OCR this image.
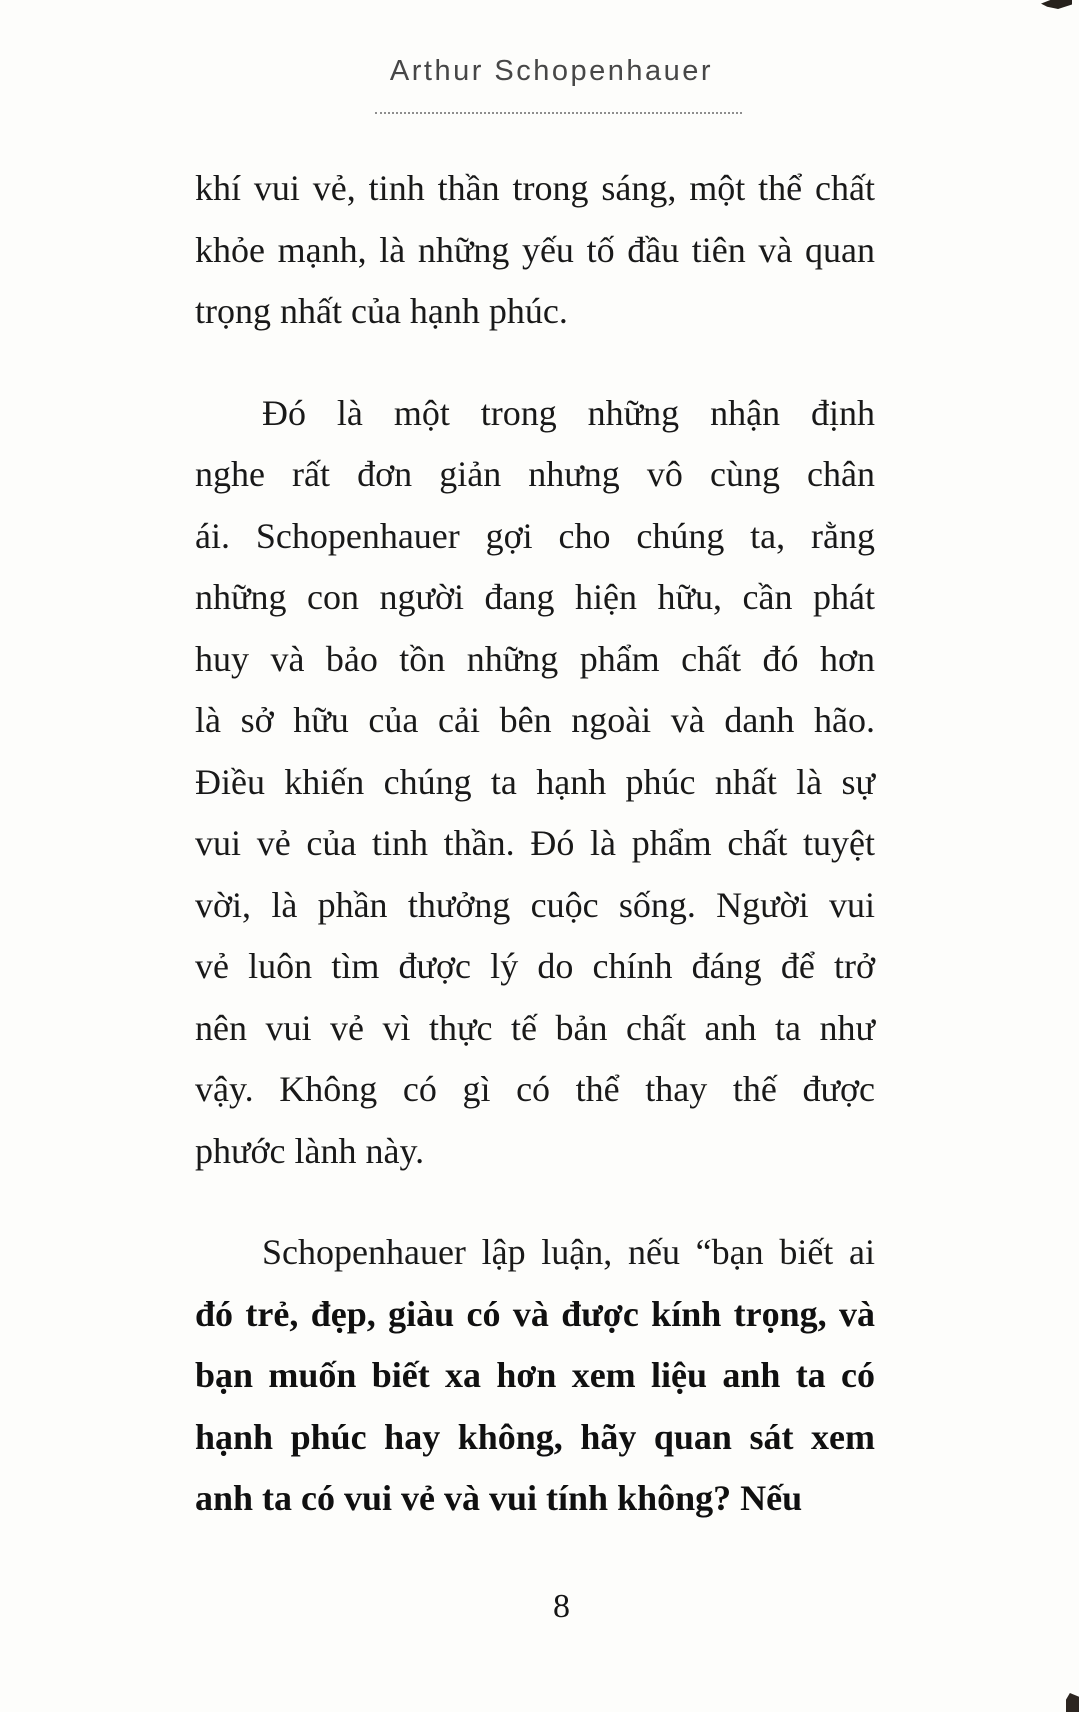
Arthur Schopenhauer
khí vui vẻ, tinh thần trong sáng, một thể chất
khỏe mạnh, là những yếu tố đầu tiên và quan
trọng nhất của hạnh phúc.
Đó là một trong những nhận định
nghe rất đơn giản nhưng vô cùng chân
ái. Schopenhauer gợi cho chúng ta, rằng
những con người đang hiện hữu, cần phát
huy và bảo tồn những phẩm chất đó hơn
là sở hữu của cải bên ngoài và danh hão.
Điều khiến chúng ta hạnh phúc nhất là sự
vui vẻ của tinh thần. Đó là phẩm chất tuyệt
vời, là phần thưởng cuộc sống. Người vui
vẻ luôn tìm được lý do chính đáng để trở
nên vui vẻ vì thực tế bản chất anh ta như
vậy. Không có gì có thể thay thế được
phước lành này.
Schopenhauer lập luận, nếu “bạn biết ai
đó trẻ, đẹp, giàu có và được kính trọng, và
bạn muốn biết xa hơn xem liệu anh ta có
hạnh phúc hay không, hãy quan sát xem
anh ta có vui vẻ và vui tính không? Nếu
8
